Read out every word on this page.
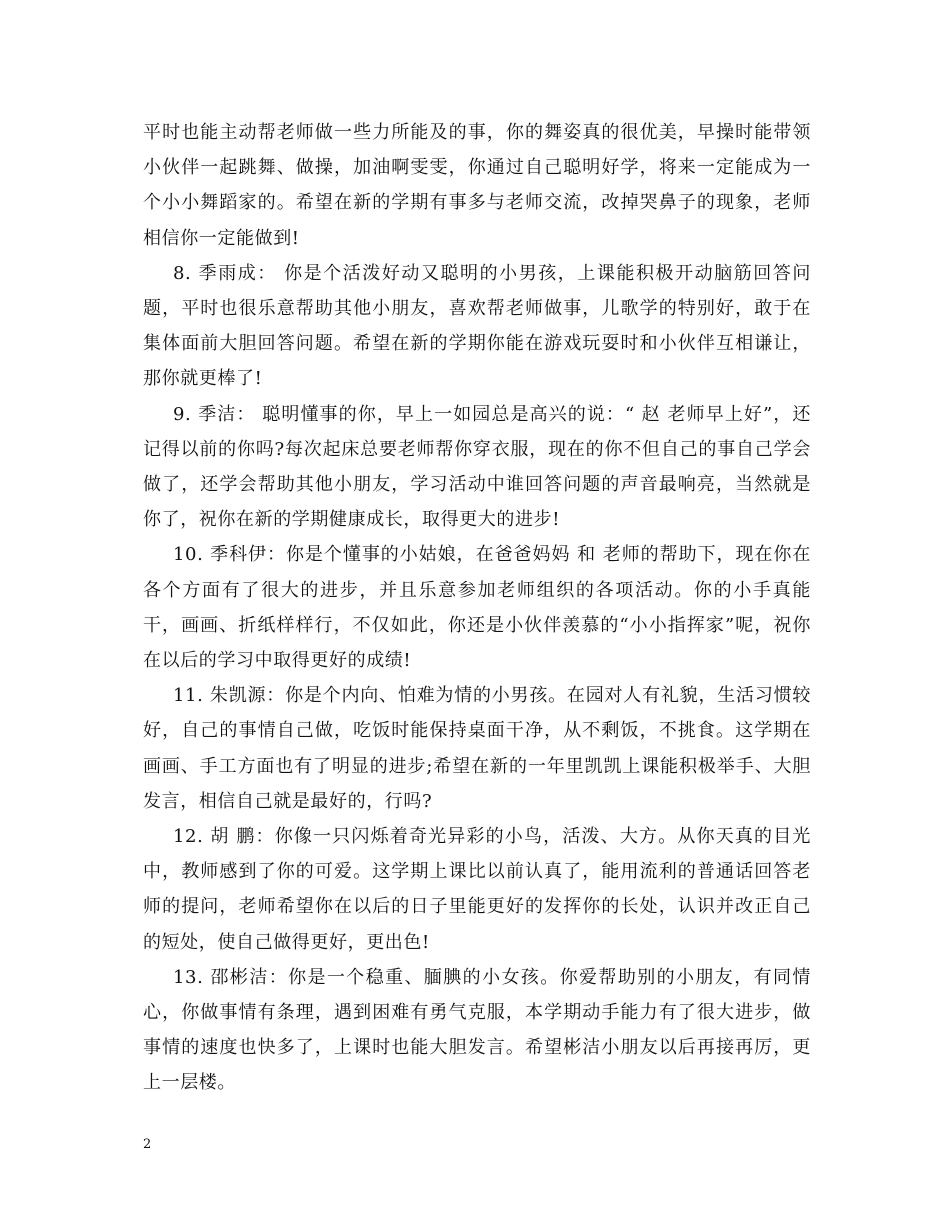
平时也能主动帮老师做一些力所能及的事，你的舞姿真的很优美，早操时能带领小伙伴一起跳舞、做操，加油啊雯雯，你通过自己聪明好学，将来一定能成为一个小小舞蹈家的。希望在新的学期有事多与老师交流，改掉哭鼻子的现象，老师相信你一定能做到!

8. 季雨成： 你是个活泼好动又聪明的小男孩，上课能积极开动脑筋回答问题，平时也很乐意帮助其他小朋友，喜欢帮老师做事，儿歌学的特别好，敢于在集体面前大胆回答问题。希望在新的学期你能在游戏玩耍时和小伙伴互相谦让，那你就更棒了!

9. 季洁： 聪明懂事的你，早上一如园总是高兴的说：“ 赵 老师早上好”，还记得以前的你吗?每次起床总要老师帮你穿衣服，现在的你不但自己的事自己学会做了，还学会帮助其他小朋友，学习活动中谁回答问题的声音最响亮，当然就是你了，祝你在新的学期健康成长，取得更大的进步!

10. 季科伊：你是个懂事的小姑娘，在爸爸妈妈 和 老师的帮助下，现在你在各个方面有了很大的进步，并且乐意参加老师组织的各项活动。你的小手真能干，画画、折纸样样行，不仅如此，你还是小伙伴羡慕的“小小指挥家”呢，祝你在以后的学习中取得更好的成绩!

11. 朱凯源：你是个内向、怕难为情的小男孩。在园对人有礼貌，生活习惯较好，自己的事情自己做，吃饭时能保持桌面干净，从不剩饭，不挑食。这学期在画画、手工方面也有了明显的进步;希望在新的一年里凯凯上课能积极举手、大胆发言，相信自己就是最好的，行吗?

12. 胡 鹏：你像一只闪烁着奇光异彩的小鸟，活泼、大方。从你天真的目光中，教师感到了你的可爱。这学期上课比以前认真了，能用流利的普通话回答老师的提问，老师希望你在以后的日子里能更好的发挥你的长处，认识并改正自己的短处，使自己做得更好，更出色!

13. 邵彬洁：你是一个稳重、腼腆的小女孩。你爱帮助别的小朋友，有同情心，你做事情有条理，遇到困难有勇气克服，本学期动手能力有了很大进步，做事情的速度也快多了，上课时也能大胆发言。希望彬洁小朋友以后再接再厉，更上一层楼。

2
